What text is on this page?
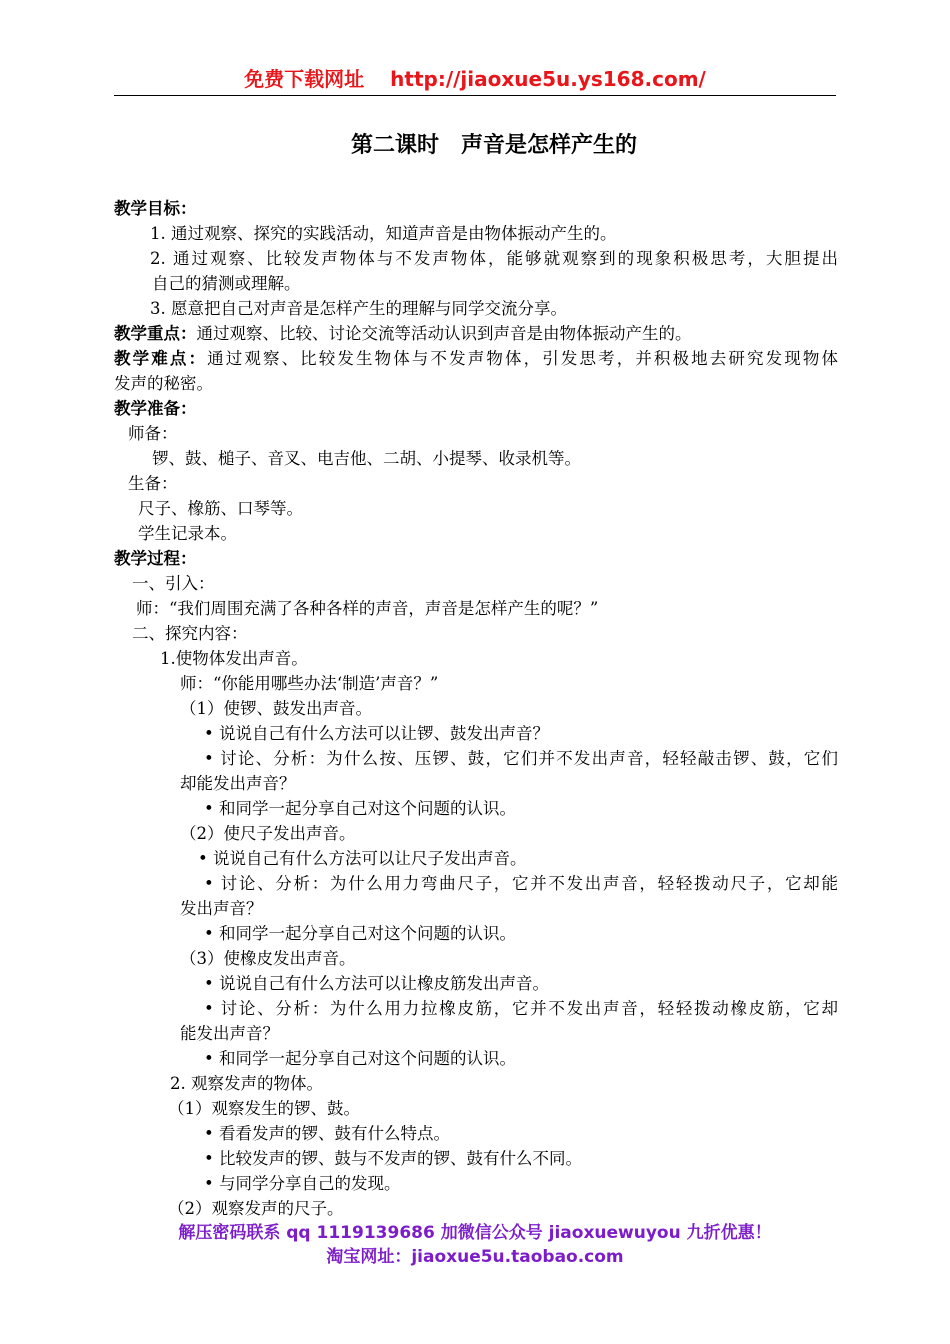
免费下载网址 http://jiaoxue5u.ys168.com/
第二课时 声音是怎样产生的
教学目标：
1. 通过观察、探究的实践活动，知道声音是由物体振动产生的。
2. 通过观察、比较发声物体与不发声物体，能够就观察到的现象积极思考，大胆提出
自己的猜测或理解。
3. 愿意把自己对声音是怎样产生的理解与同学交流分享。
教学重点：通过观察、比较、讨论交流等活动认识到声音是由物体振动产生的。
教学难点：通过观察、比较发生物体与不发声物体，引发思考，并积极地去研究发现物体
发声的秘密。
教学准备：
师备：
锣、鼓、槌子、音叉、电吉他、二胡、小提琴、收录机等。
生备：
尺子、橡筋、口琴等。
学生记录本。
教学过程：
一、引入：
师：“我们周围充满了各种各样的声音，声音是怎样产生的呢？”
二、探究内容：
1.使物体发出声音。
师：“你能用哪些办法‘制造’声音？”
（1）使锣、鼓发出声音。
• 说说自己有什么方法可以让锣、鼓发出声音？
• 讨论、分析：为什么按、压锣、鼓，它们并不发出声音，轻轻敲击锣、鼓，它们
却能发出声音？
• 和同学一起分享自己对这个问题的认识。
（2）使尺子发出声音。
• 说说自己有什么方法可以让尺子发出声音。
• 讨论、分析：为什么用力弯曲尺子，它并不发出声音，轻轻拨动尺子，它却能
发出声音？
• 和同学一起分享自己对这个问题的认识。
（3）使橡皮发出声音。
• 说说自己有什么方法可以让橡皮筋发出声音。
• 讨论、分析：为什么用力拉橡皮筋，它并不发出声音，轻轻拨动橡皮筋，它却
能发出声音？
• 和同学一起分享自己对这个问题的认识。
2. 观察发声的物体。
（1）观察发生的锣、鼓。
• 看看发声的锣、鼓有什么特点。
• 比较发声的锣、鼓与不发声的锣、鼓有什么不同。
• 与同学分享自己的发现。
（2）观察发声的尺子。
解压密码联系 qq 1119139686 加微信公众号 jiaoxuewuyou 九折优惠！
淘宝网址：jiaoxue5u.taobao.com
